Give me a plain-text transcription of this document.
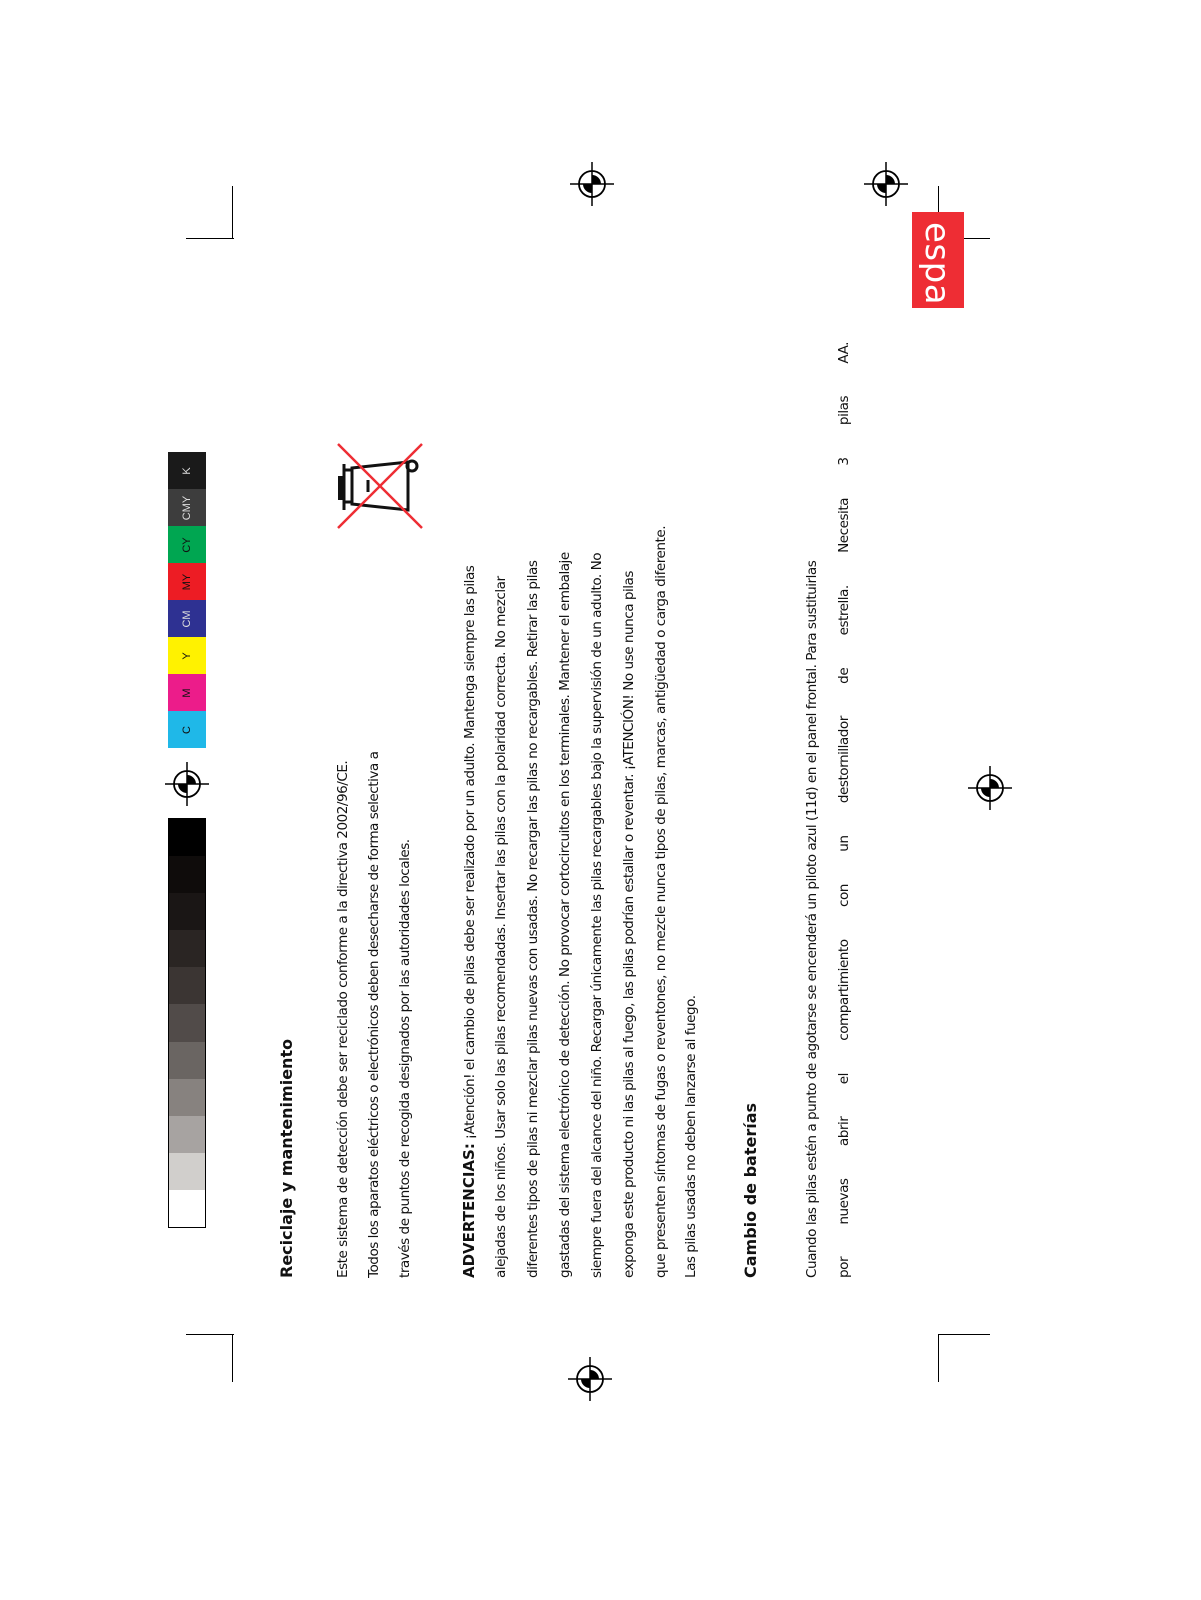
C
M
Y
CM
MY
CY
CMY
K
español
21
Reciclaje y mantenimiento	Este sistema de detección debe ser reciclado conforme a la directiva 2002/96/CE. Todos los aparatos eléctricos o electrónicos deben desecharse de forma selectiva a través de puntos de recogida designados por las autoridades locales.	ADVERTENCIAS: ¡Atención! el cambio de pilas debe ser realizado por un adulto. Mantenga siempre las pilas alejadas de los niños. Usar solo las pilas recomendadas. Insertar las pilas con la polaridad correcta. No mezclar diferentes tipos de pilas ni mezclar pilas nuevas con usadas. No recargar las pilas no recargables. Retirar las pilas gastadas del sistema electrónico de detección. No provocar cortocircuitos en los terminales. Mantener el embalaje siempre fuera del alcance del niño. Recargar únicamente las pilas recargables bajo la supervisión de un adulto. No exponga este producto ni las pilas al fuego, las pilas podrían estallar o reventar. ¡ATENCIÓN! No use nunca pilas que presenten síntomas de fugas o reventones, no mezcle nunca tipos de pilas, marcas, antigüedad o carga diferente. Las pilas usadas no deben lanzarse al fuego.	Cambio de baterías	Cuando las pilas estén a punto de agotarse se encenderá un piloto azul (11d) en el panel frontal. Para sustituirlas por
nuevas
abrir
el
compartimiento
con
un
destornillador
de
estrella.
Necesita
3
pilas
AA.
